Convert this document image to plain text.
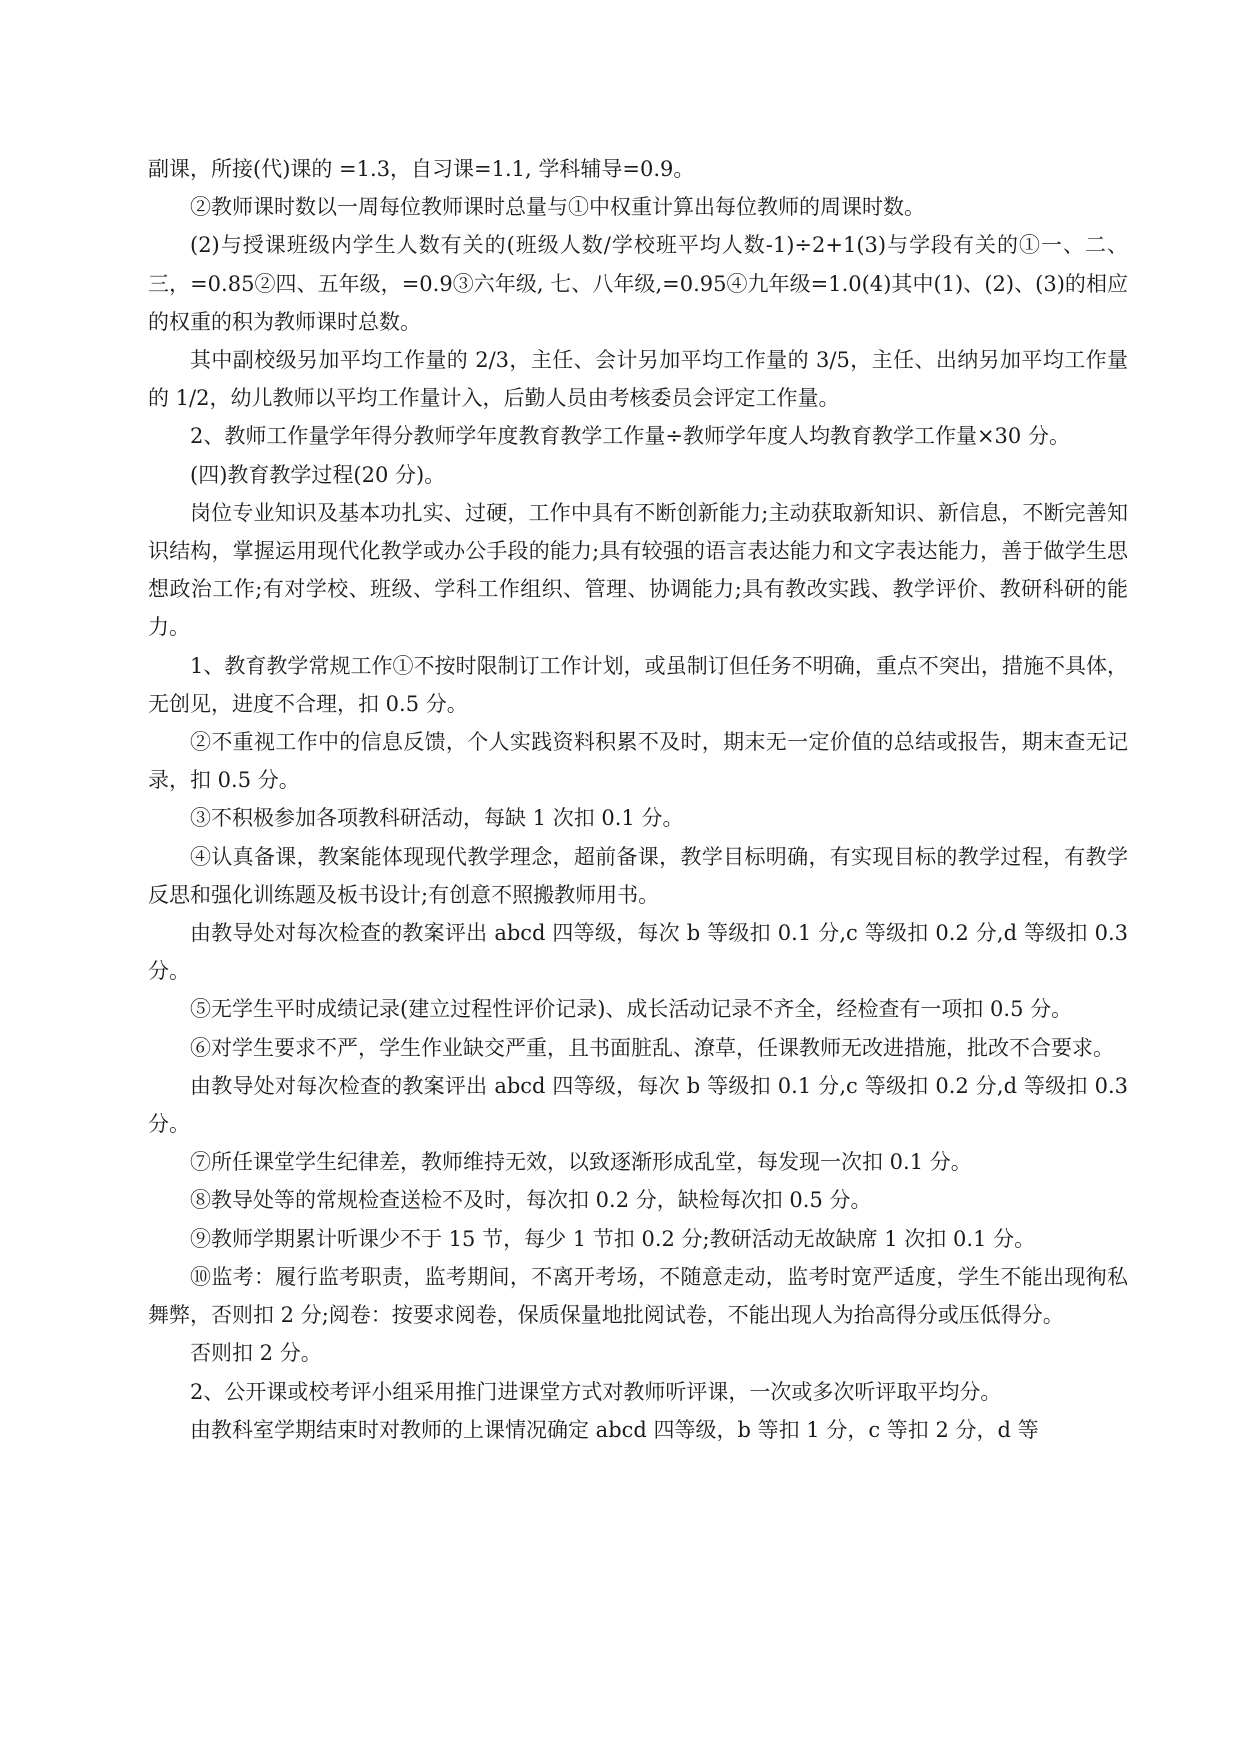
副课，所接(代)课的 =1.3，自习课=1.1, 学科辅导=0.9。

②教师课时数以一周每位教师课时总量与①中权重计算出每位教师的周课时数。

(2)与授课班级内学生人数有关的(班级人数/学校班平均人数-1)÷2+1(3)与学段有关的①一、二、三，=0.85②四、五年级，=0.9③六年级, 七、八年级,=0.95④九年级=1.0(4)其中(1)、(2)、(3)的相应的权重的积为教师课时总数。

其中副校级另加平均工作量的 2/3，主任、会计另加平均工作量的 3/5，主任、出纳另加平均工作量的 1/2，幼儿教师以平均工作量计入，后勤人员由考核委员会评定工作量。

2、教师工作量学年得分教师学年度教育教学工作量÷教师学年度人均教育教学工作量×30 分。

(四)教育教学过程(20 分)。

岗位专业知识及基本功扎实、过硬，工作中具有不断创新能力;主动获取新知识、新信息，不断完善知识结构，掌握运用现代化教学或办公手段的能力;具有较强的语言表达能力和文字表达能力，善于做学生思想政治工作;有对学校、班级、学科工作组织、管理、协调能力;具有教改实践、教学评价、教研科研的能力。

1、教育教学常规工作①不按时限制订工作计划，或虽制订但任务不明确，重点不突出，措施不具体，无创见，进度不合理，扣 0.5 分。

②不重视工作中的信息反馈，个人实践资料积累不及时，期末无一定价值的总结或报告，期末查无记录，扣 0.5 分。

③不积极参加各项教科研活动，每缺 1 次扣 0.1 分。

④认真备课，教案能体现现代教学理念，超前备课，教学目标明确，有实现目标的教学过程，有教学反思和强化训练题及板书设计;有创意不照搬教师用书。

由教导处对每次检查的教案评出 abcd 四等级，每次 b 等级扣 0.1 分,c 等级扣 0.2 分,d 等级扣 0.3 分。

⑤无学生平时成绩记录(建立过程性评价记录)、成长活动记录不齐全，经检查有一项扣 0.5 分。

⑥对学生要求不严，学生作业缺交严重，且书面脏乱、潦草，任课教师无改进措施，批改不合要求。

由教导处对每次检查的教案评出 abcd 四等级，每次 b 等级扣 0.1 分,c 等级扣 0.2 分,d 等级扣 0.3 分。

⑦所任课堂学生纪律差，教师维持无效，以致逐渐形成乱堂，每发现一次扣 0.1 分。

⑧教导处等的常规检查送检不及时，每次扣 0.2 分，缺检每次扣 0.5 分。

⑨教师学期累计听课少不于 15 节，每少 1 节扣 0.2 分;教研活动无故缺席 1 次扣 0.1 分。

⑩监考：履行监考职责，监考期间，不离开考场，不随意走动，监考时宽严适度，学生不能出现徇私舞弊，否则扣 2 分;阅卷：按要求阅卷，保质保量地批阅试卷，不能出现人为抬高得分或压低得分。

否则扣 2 分。

2、公开课或校考评小组采用推门进课堂方式对教师听评课，一次或多次听评取平均分。

由教科室学期结束时对教师的上课情况确定 abcd 四等级，b 等扣 1 分，c 等扣 2 分，d 等
